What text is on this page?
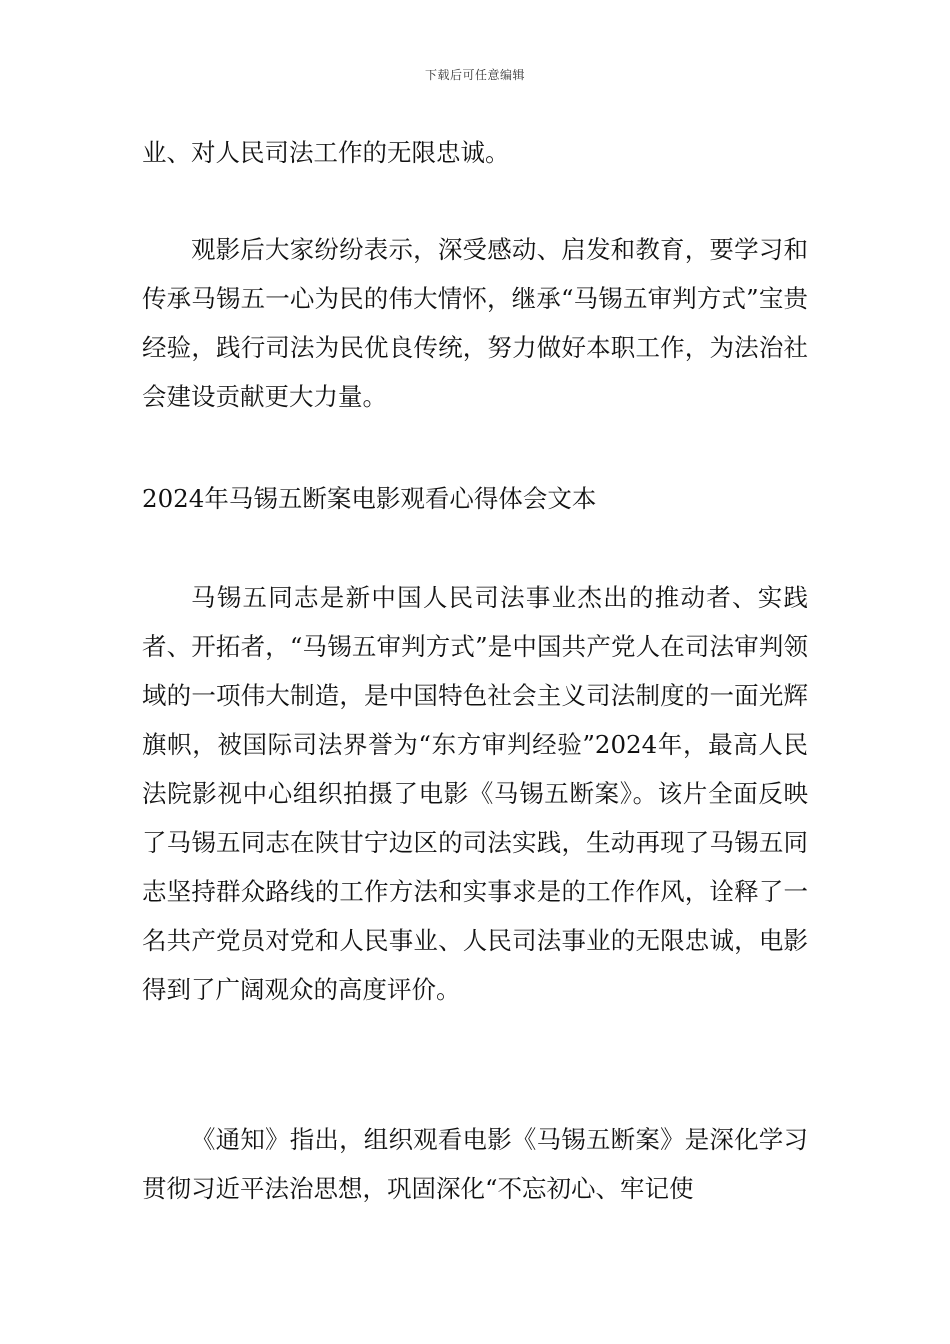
下载后可任意编辑

业、对人民司法工作的无限忠诚。

观影后大家纷纷表示，深受感动、启发和教育，要学习和传承马锡五一心为民的伟大情怀，继承“马锡五审判方式”宝贵经验，践行司法为民优良传统，努力做好本职工作，为法治社会建设贡献更大力量。

2024年马锡五断案电影观看心得体会文本

马锡五同志是新中国人民司法事业杰出的推动者、实践者、开拓者，“马锡五审判方式”是中国共产党人在司法审判领域的一项伟大制造，是中国特色社会主义司法制度的一面光辉旗帜，被国际司法界誉为“东方审判经验”2024年，最高人民法院影视中心组织拍摄了电影《马锡五断案》。该片全面反映了马锡五同志在陕甘宁边区的司法实践，生动再现了马锡五同志坚持群众路线的工作方法和实事求是的工作作风，诠释了一名共产党员对党和人民事业、人民司法事业的无限忠诚，电影得到了广阔观众的高度评价。

《通知》指出，组织观看电影《马锡五断案》是深化学习贯彻习近平法治思想，巩固深化“不忘初心、牢记使
